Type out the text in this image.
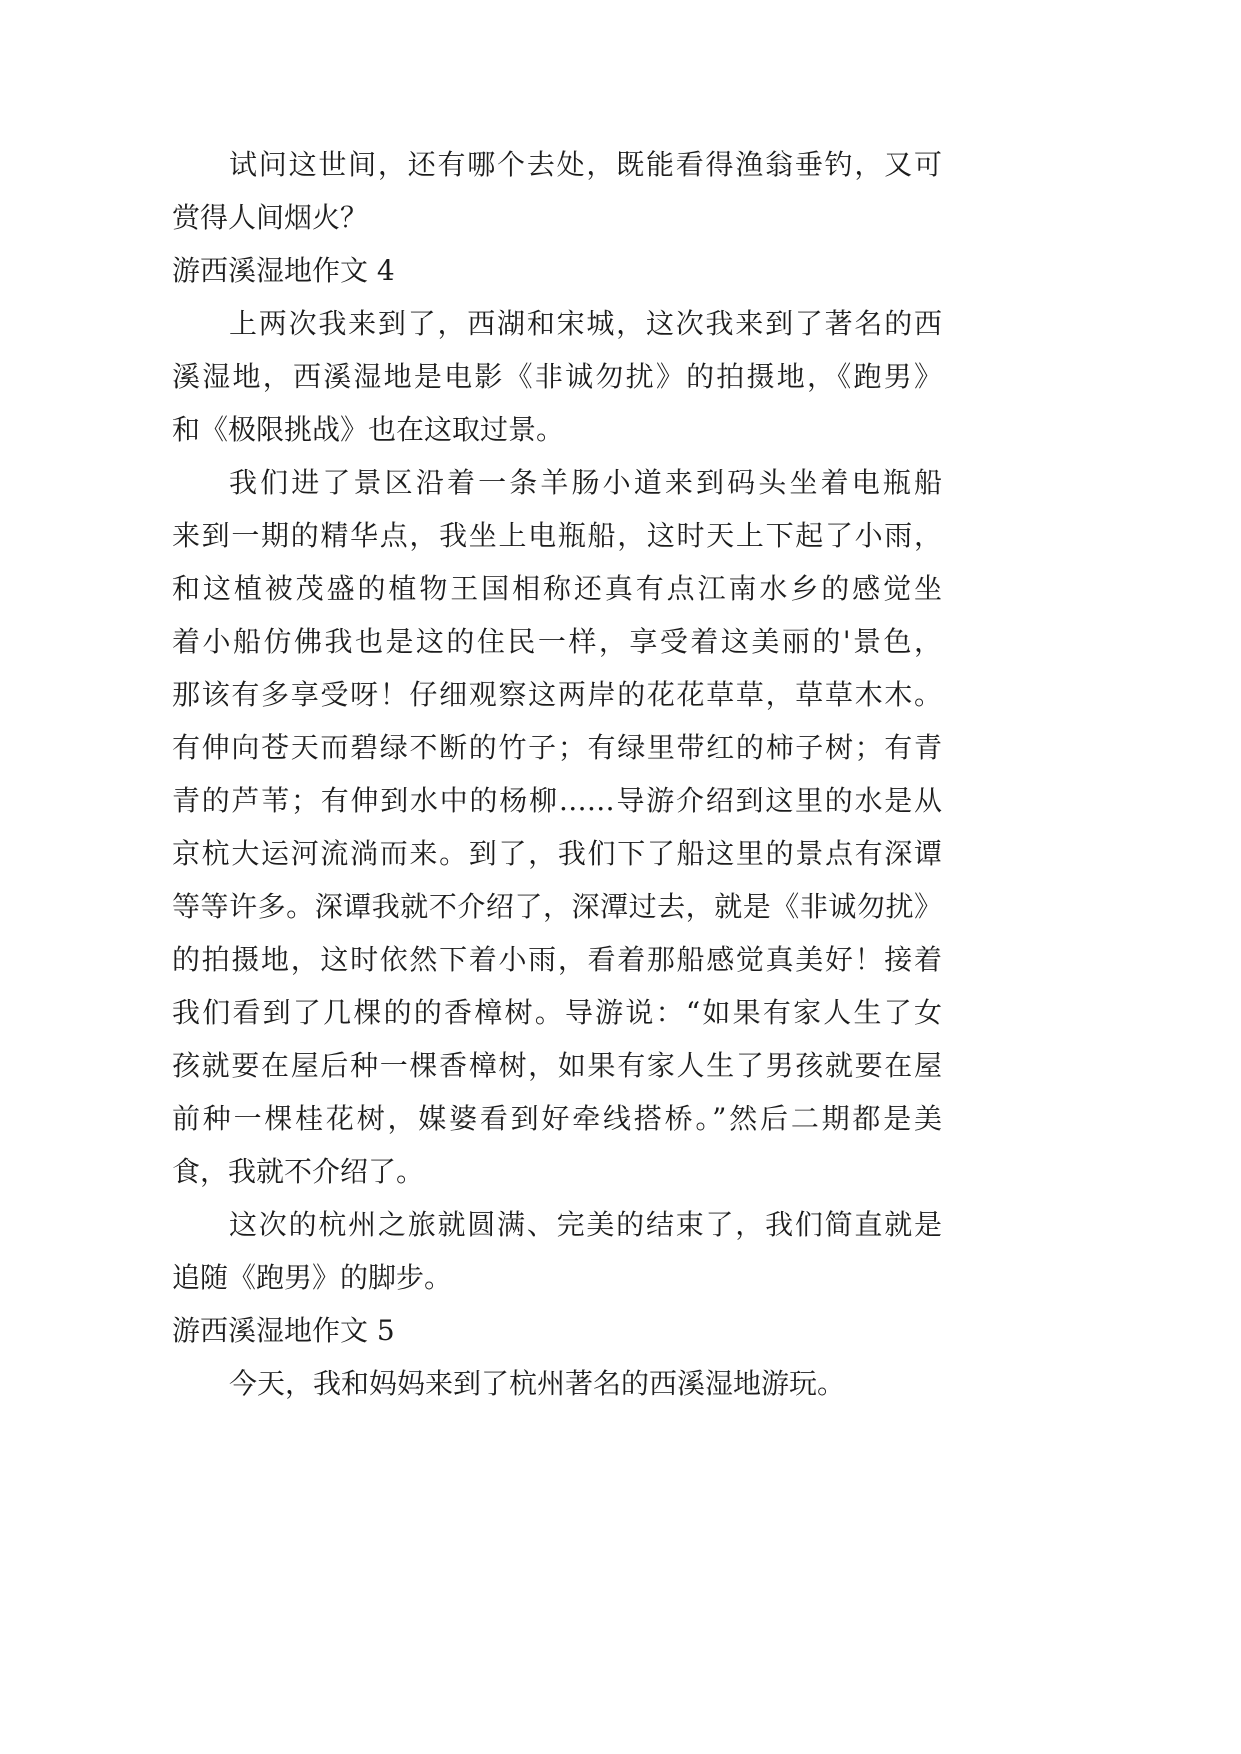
试问这世间，还有哪个去处，既能看得渔翁垂钓，又可
赏得人间烟火？
游西溪湿地作文 4
上两次我来到了，西湖和宋城，这次我来到了著名的西
溪湿地，西溪湿地是电影《非诚勿扰》的拍摄地，《跑男》
和《极限挑战》也在这取过景。
我们进了景区沿着一条羊肠小道来到码头坐着电瓶船
来到一期的精华点，我坐上电瓶船，这时天上下起了小雨，
和这植被茂盛的植物王国相称还真有点江南水乡的感觉坐
着小船仿佛我也是这的住民一样，享受着这美丽的'景色，
那该有多享受呀！仔细观察这两岸的花花草草，草草木木。
有伸向苍天而碧绿不断的竹子；有绿里带红的柿子树；有青
青的芦苇；有伸到水中的杨柳……导游介绍到这里的水是从
京杭大运河流淌而来。到了，我们下了船这里的景点有深谭
等等许多。深谭我就不介绍了，深潭过去，就是《非诚勿扰》
的拍摄地，这时依然下着小雨，看着那船感觉真美好！接着
我们看到了几棵的的香樟树。导游说：“如果有家人生了女
孩就要在屋后种一棵香樟树，如果有家人生了男孩就要在屋
前种一棵桂花树，媒婆看到好牵线搭桥。”然后二期都是美
食，我就不介绍了。
这次的杭州之旅就圆满、完美的结束了，我们简直就是
追随《跑男》的脚步。
游西溪湿地作文 5
今天，我和妈妈来到了杭州著名的西溪湿地游玩。
